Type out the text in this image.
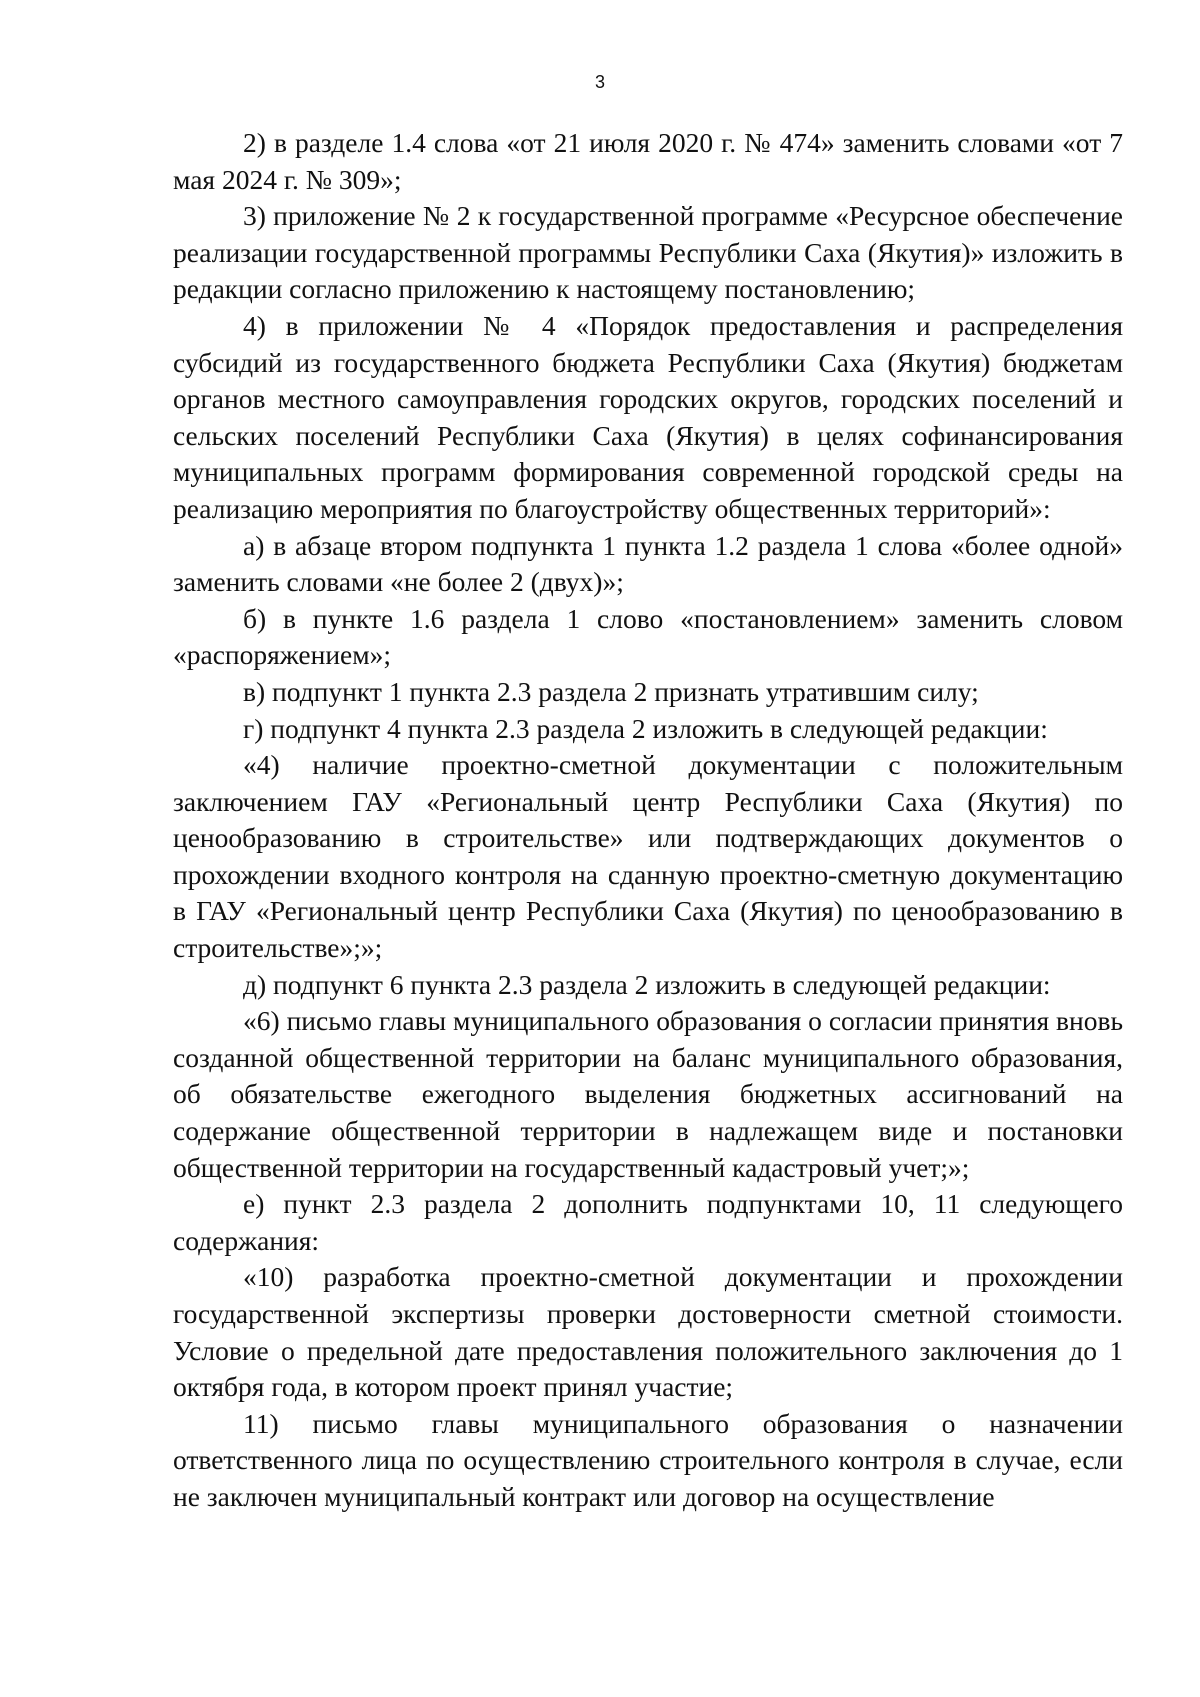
3

2) в разделе 1.4 слова «от 21 июля 2020 г. № 474» заменить словами «от 7 мая 2024 г. № 309»;

3) приложение № 2 к государственной программе «Ресурсное обеспечение реализации государственной программы Республики Саха (Якутия)» изложить в редакции согласно приложению к настоящему постановлению;

4) в приложении № 4 «Порядок предоставления и распределения субсидий из государственного бюджета Республики Саха (Якутия) бюджетам органов местного самоуправления городских округов, городских поселений и сельских поселений Республики Саха (Якутия) в целях софинансирования муниципальных программ формирования современной городской среды на реализацию мероприятия по благоустройству общественных территорий»:

а) в абзаце втором подпункта 1 пункта 1.2 раздела 1 слова «более одной» заменить словами «не более 2 (двух)»;

б) в пункте 1.6 раздела 1 слово «постановлением» заменить словом «распоряжением»;

в) подпункт 1 пункта 2.3 раздела 2 признать утратившим силу;

г) подпункт 4 пункта 2.3 раздела 2 изложить в следующей редакции:

«4) наличие проектно-сметной документации с положительным заключением ГАУ «Региональный центр Республики Саха (Якутия) по ценообразованию в строительстве» или подтверждающих документов о прохождении входного контроля на сданную проектно-сметную документацию в ГАУ «Региональный центр Республики Саха (Якутия) по ценообразованию в строительстве»;»;

д) подпункт 6 пункта 2.3 раздела 2 изложить в следующей редакции:

«6) письмо главы муниципального образования о согласии принятия вновь созданной общественной территории на баланс муниципального образования, об обязательстве ежегодного выделения бюджетных ассигнований на содержание общественной территории в надлежащем виде и постановки общественной территории на государственный кадастровый учет;»;

е) пункт 2.3 раздела 2 дополнить подпунктами 10, 11 следующего содержания:

«10) разработка проектно-сметной документации и прохождении государственной экспертизы проверки достоверности сметной стоимости. Условие о предельной дате предоставления положительного заключения до 1 октября года, в котором проект принял участие;

11) письмо главы муниципального образования о назначении ответственного лица по осуществлению строительного контроля в случае, если не заключен муниципальный контракт или договор на осуществление
